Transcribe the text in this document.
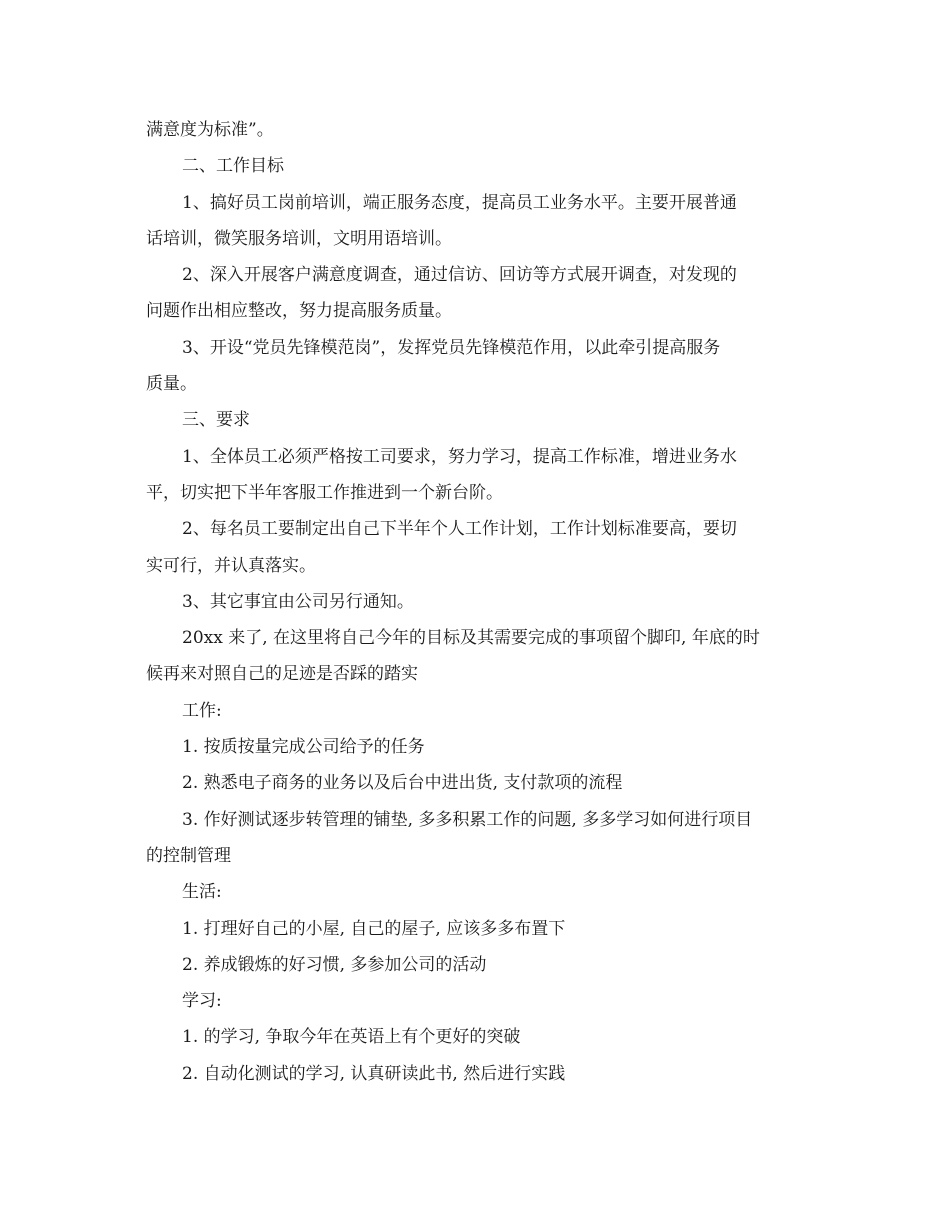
满意度为标准”。

二、工作目标

1、搞好员工岗前培训，端正服务态度，提高员工业务水平。主要开展普通

话培训，微笑服务培训，文明用语培训。

2、深入开展客户满意度调查，通过信访、回访等方式展开调查，对发现的

问题作出相应整改，努力提高服务质量。

3、开设“党员先锋模范岗”，发挥党员先锋模范作用，以此牵引提高服务

质量。

三、要求

1、全体员工必须严格按工司要求，努力学习，提高工作标准，增进业务水

平，切实把下半年客服工作推进到一个新台阶。

2、每名员工要制定出自己下半年个人工作计划，工作计划标准要高，要切

实可行，并认真落实。

3、其它事宜由公司另行通知。

20xx 来了, 在这里将自己今年的目标及其需要完成的事项留个脚印, 年底的时

候再来对照自己的足迹是否踩的踏实

工作:

1. 按质按量完成公司给予的任务

2. 熟悉电子商务的业务以及后台中进出货, 支付款项的流程

3. 作好测试逐步转管理的铺垫, 多多积累工作的问题, 多多学习如何进行项目

的控制管理

生活:

1. 打理好自己的小屋, 自己的屋子, 应该多多布置下

2. 养成锻炼的好习惯, 多参加公司的活动

学习:

1. 的学习, 争取今年在英语上有个更好的突破

2. 自动化测试的学习, 认真研读此书, 然后进行实践
